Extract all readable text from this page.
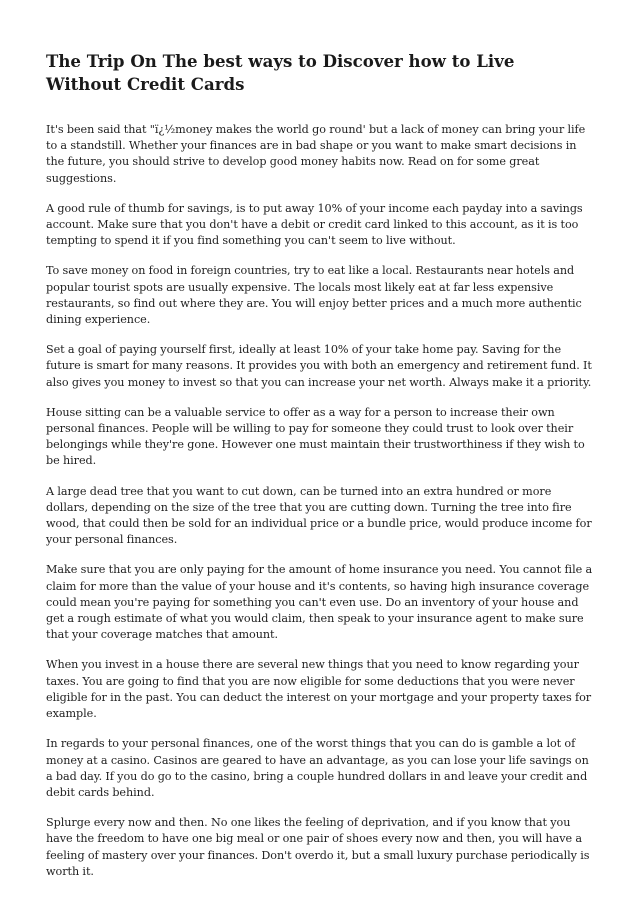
The Trip On The best ways to Discover how to Live Without Credit Cards

It's been said that "ï¿½money makes the world go round' but a lack of money can bring your life to a standstill. Whether your finances are in bad shape or you want to make smart decisions in the future, you should strive to develop good money habits now. Read on for some great suggestions.

A good rule of thumb for savings, is to put away 10% of your income each payday into a savings account. Make sure that you don't have a debit or credit card linked to this account, as it is too tempting to spend it if you find something you can't seem to live without.

To save money on food in foreign countries, try to eat like a local. Restaurants near hotels and popular tourist spots are usually expensive. The locals most likely eat at far less expensive restaurants, so find out where they are. You will enjoy better prices and a much more authentic dining experience.

Set a goal of paying yourself first, ideally at least 10% of your take home pay. Saving for the future is smart for many reasons. It provides you with both an emergency and retirement fund. It also gives you money to invest so that you can increase your net worth. Always make it a priority.

House sitting can be a valuable service to offer as a way for a person to increase their own personal finances. People will be willing to pay for someone they could trust to look over their belongings while they're gone. However one must maintain their trustworthiness if they wish to be hired.

A large dead tree that you want to cut down, can be turned into an extra hundred or more dollars, depending on the size of the tree that you are cutting down. Turning the tree into fire wood, that could then be sold for an individual price or a bundle price, would produce income for your personal finances.

Make sure that you are only paying for the amount of home insurance you need. You cannot file a claim for more than the value of your house and it's contents, so having high insurance coverage could mean you're paying for something you can't even use. Do an inventory of your house and get a rough estimate of what you would claim, then speak to your insurance agent to make sure that your coverage matches that amount.

When you invest in a house there are several new things that you need to know regarding your taxes. You are going to find that you are now eligible for some deductions that you were never eligible for in the past. You can deduct the interest on your mortgage and your property taxes for example.

In regards to your personal finances, one of the worst things that you can do is gamble a lot of money at a casino. Casinos are geared to have an advantage, as you can lose your life savings on a bad day. If you do go to the casino, bring a couple hundred dollars in and leave your credit and debit cards behind.

Splurge every now and then. No one likes the feeling of deprivation, and if you know that you have the freedom to have one big meal or one pair of shoes every now and then, you will have a feeling of mastery over your finances. Don't overdo it, but a small luxury purchase periodically is worth it.
